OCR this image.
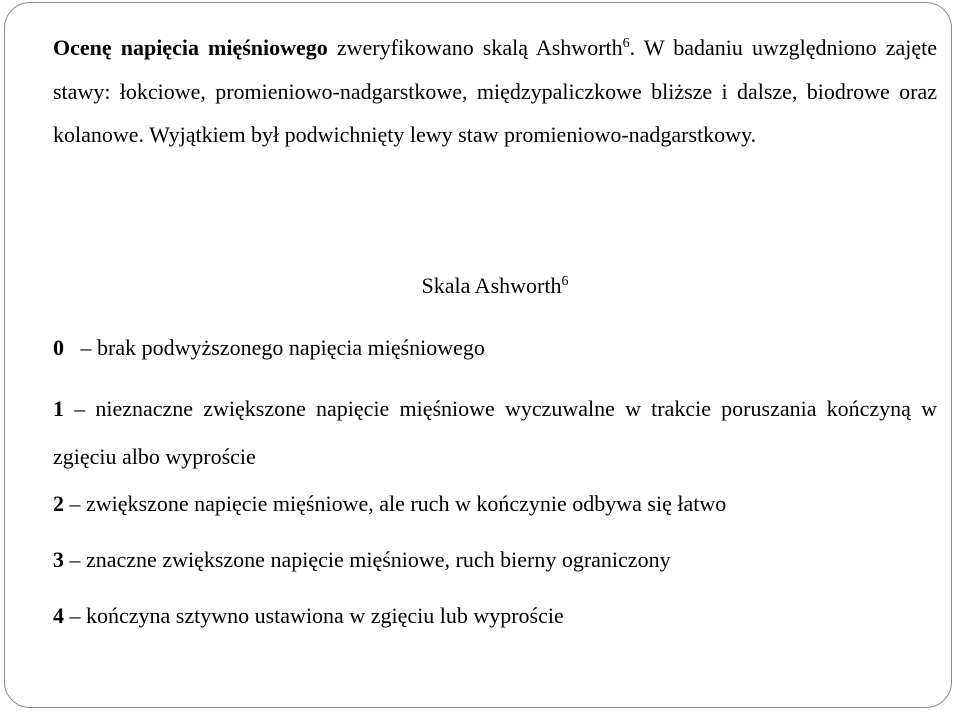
Ocenę napięcia mięśniowego zweryfikowano skalą Ashworth$^6$. W badaniu uwzględniono zajęte stawy: łokciowe, promieniowo-nadgarstkowe, międzypaliczkowe bliższe i dalsze, biodrowe oraz kolanowe. Wyjątkiem był podwichnięty lewy staw promieniowo-nadgarstkowy.

Skala Ashworth$^6$

0 – brak podwyższonego napięcia mięśniowego

1 – nieznaczne zwiększone napięcie mięśniowe wyczuwalne w trakcie poruszania kończyną w zgięciu albo wyproście

2 – zwiększone napięcie mięśniowe, ale ruch w kończynie odbywa się łatwo

3 – znaczne zwiększone napięcie mięśniowe, ruch bierny ograniczony

4 – kończyna sztywno ustawiona w zgięciu lub wyproście
